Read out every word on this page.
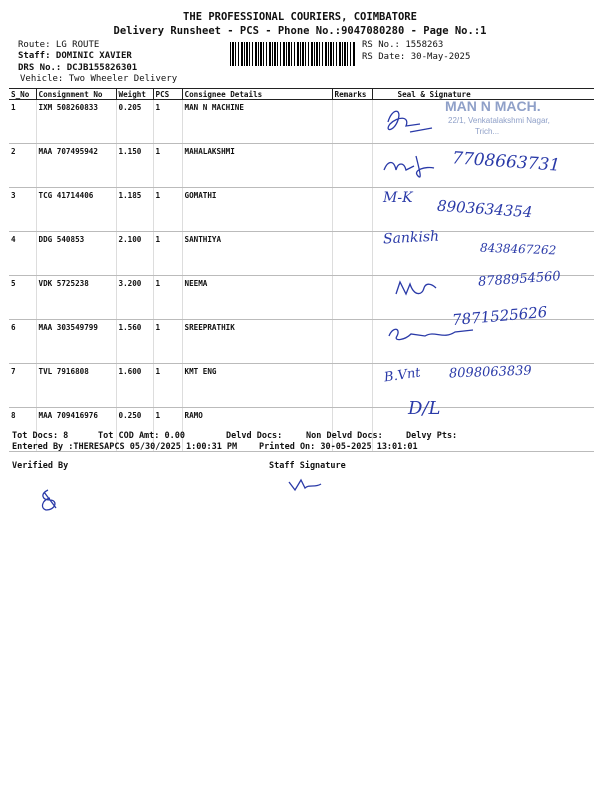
THE PROFESSIONAL COURIERS, COIMBATORE
Delivery Runsheet - PCS - Phone No.:9047080280 - Page No.:1
Route: LG ROUTE
Staff: DOMINIC XAVIER
DRS No.: DCJB155826301
Vehicle: Two Wheeler Delivery
RS No.: 1558263
RS Date: 30-May-2025
S_No	Consignment No	Weight	PCS	Consignee Details	Remarks	Seal & Signature
1	IXM 508260833	0.205	1	MAN N MACHINE		
2	MAA 707495942	1.150	1	MAHALAKSHMI		
3	TCG 41714406	1.185	1	GOMATHI		
4	DDG 540853	2.100	1	SANTHIYA		
5	VDK 5725238	3.200	1	NEEMA		
6	MAA 303549799	1.560	1	SREEPRATHIK		
7	TVL 7916808	1.600	1	KMT ENG		
8	MAA 709416976	0.250	1	RAMO		
MAN N MACH.
22/1, Venkatalakshmi Nagar,
Trich...
7708663731
M-K 8903634354
Sankish
8438467262
8788954560
7871525626
B.Vnt 8098063839
D/L
Tot Docs: 8	Tot COD Amt: 0.00	Delvd Docs:	Non Delvd Docs:	Delvy Pts:
Entered By :THERESAPCS 05/30/2025 1:00:31 PM	Printed On: 30-05-2025 13:01:01
Verified By	Staff Signature
